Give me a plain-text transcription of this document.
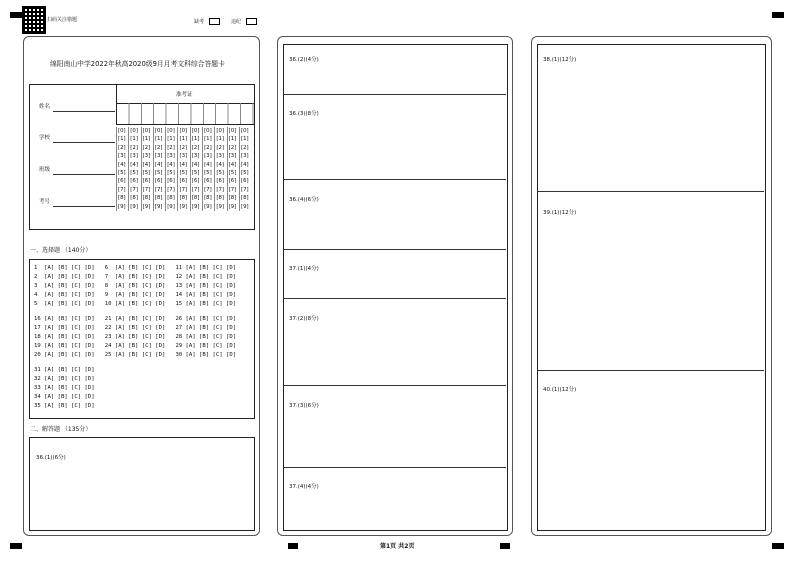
扫码关注错题	缺考	违纪
绵阳南山中学2022年秋高2020级9月月考文科综合答题卡
姓名
学校
班级
考号
准考证
[0]
[1]
[2]
[3]
[4]
[5]
[6]
[7]
[8]
[9]
[0]
[1]
[2]
[3]
[4]
[5]
[6]
[7]
[8]
[9]
[0]
[1]
[2]
[3]
[4]
[5]
[6]
[7]
[8]
[9]
[0]
[1]
[2]
[3]
[4]
[5]
[6]
[7]
[8]
[9]
[0]
[1]
[2]
[3]
[4]
[5]
[6]
[7]
[8]
[9]
[0]
[1]
[2]
[3]
[4]
[5]
[6]
[7]
[8]
[9]
[0]
[1]
[2]
[3]
[4]
[5]
[6]
[7]
[8]
[9]
[0]
[1]
[2]
[3]
[4]
[5]
[6]
[7]
[8]
[9]
[0]
[1]
[2]
[3]
[4]
[5]
[6]
[7]
[8]
[9]
[0]
[1]
[2]
[3]
[4]
[5]
[6]
[7]
[8]
[9]
[0]
[1]
[2]
[3]
[4]
[5]
[6]
[7]
[8]
[9]
一、选择题 （140分）
1  [A] [B] [C] [D]   6  [A] [B] [C] [D]   11 [A] [B] [C] [D]
2  [A] [B] [C] [D]   7  [A] [B] [C] [D]   12 [A] [B] [C] [D]
3  [A] [B] [C] [D]   8  [A] [B] [C] [D]   13 [A] [B] [C] [D]
4  [A] [B] [C] [D]   9  [A] [B] [C] [D]   14 [A] [B] [C] [D]
5  [A] [B] [C] [D]   10 [A] [B] [C] [D]   15 [A] [B] [C] [D]
16 [A] [B] [C] [D]   21 [A] [B] [C] [D]   26 [A] [B] [C] [D]
17 [A] [B] [C] [D]   22 [A] [B] [C] [D]   27 [A] [B] [C] [D]
18 [A] [B] [C] [D]   23 [A] [B] [C] [D]   28 [A] [B] [C] [D]
19 [A] [B] [C] [D]   24 [A] [B] [C] [D]   29 [A] [B] [C] [D]
20 [A] [B] [C] [D]   25 [A] [B] [C] [D]   30 [A] [B] [C] [D]
31 [A] [B] [C] [D]
32 [A] [B] [C] [D]
33 [A] [B] [C] [D]
34 [A] [B] [C] [D]
35 [A] [B] [C] [D]
二、解答题 （135分）
36.(1)(6分)
36.(2)(4分)
36.(3)(8分)
36.(4)(6分)
37.(1)(4分)
37.(2)(8分)
37.(3)(6分)
37.(4)(4分)
38.(1)(12分)
39.(1)(12分)
40.(1)(12分)
第1页 共2页
